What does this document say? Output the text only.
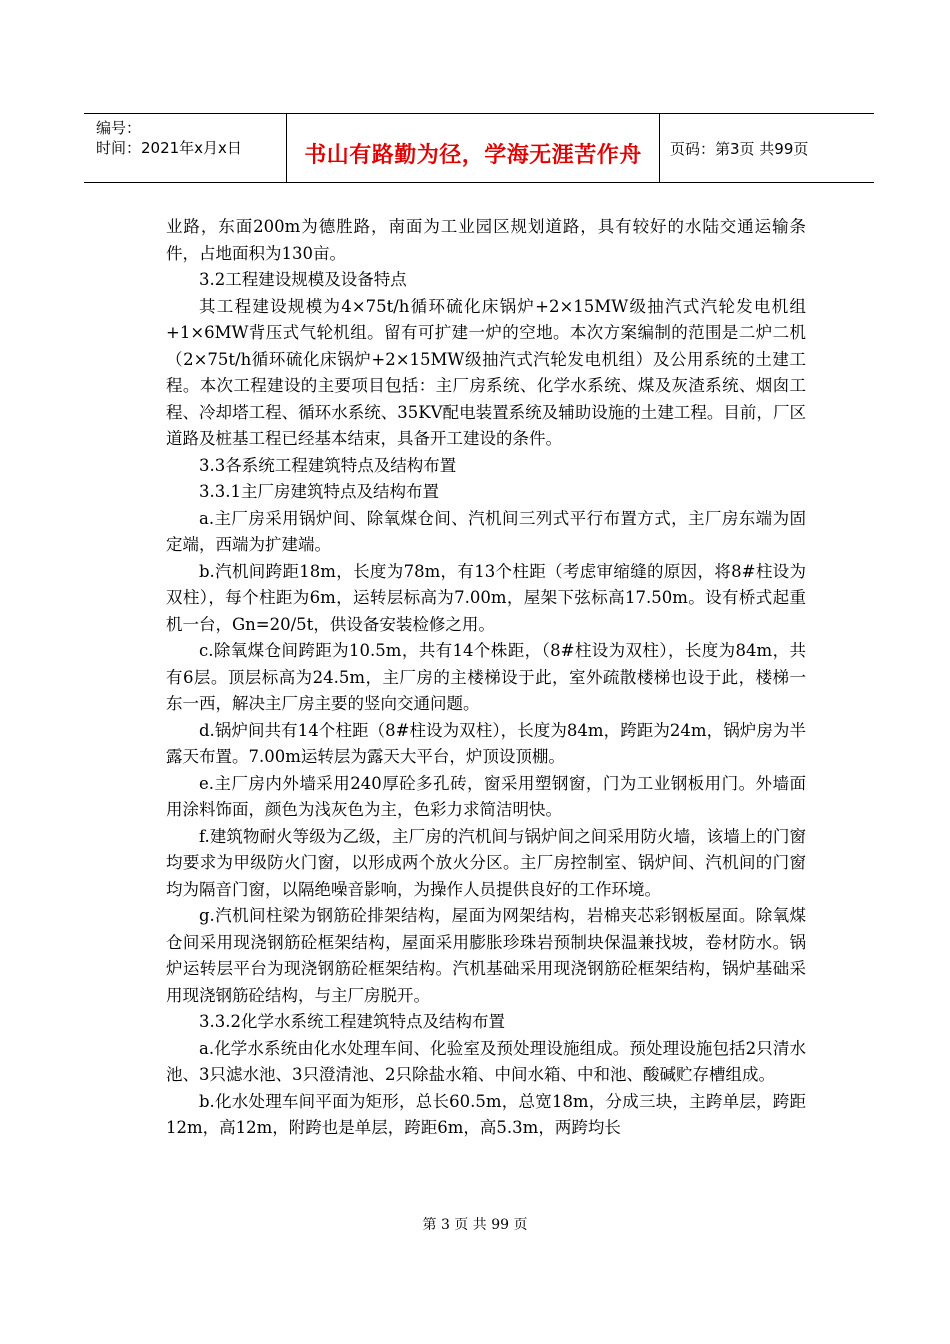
编号：
时间：2021年x月x日	书山有路勤为径，学海无涯苦作舟	页码：第3页 共99页

业路，东面200m为德胜路，南面为工业园区规划道路，具有较好的水陆交通运输条件，占地面积为130亩。

3.2工程建设规模及设备特点

其工程建设规模为4×75t/h循环硫化床锅炉+2×15MW级抽汽式汽轮发电机组+1×6MW背压式气轮机组。留有可扩建一炉的空地。本次方案编制的范围是二炉二机（2×75t/h循环硫化床锅炉+2×15MW级抽汽式汽轮发电机组）及公用系统的土建工程。本次工程建设的主要项目包括：主厂房系统、化学水系统、煤及灰渣系统、烟囱工程、冷却塔工程、循环水系统、35KV配电装置系统及辅助设施的土建工程。目前，厂区道路及桩基工程已经基本结束，具备开工建设的条件。

3.3各系统工程建筑特点及结构布置

3.3.1主厂房建筑特点及结构布置

a.主厂房采用锅炉间、除氧煤仓间、汽机间三列式平行布置方式，主厂房东端为固定端，西端为扩建端。

b.汽机间跨距18m，长度为78m，有13个柱距（考虑审缩缝的原因，将8#柱设为双柱），每个柱距为6m，运转层标高为7.00m，屋架下弦标高17.50m。设有桥式起重机一台，Gn=20/5t，供设备安装检修之用。

c.除氧煤仓间跨距为10.5m，共有14个株距，（8#柱设为双柱），长度为84m，共有6层。顶层标高为24.5m，主厂房的主楼梯设于此，室外疏散楼梯也设于此，楼梯一东一西，解决主厂房主要的竖向交通问题。

d.锅炉间共有14个柱距（8#柱设为双柱），长度为84m，跨距为24m，锅炉房为半露天布置。7.00m运转层为露天大平台，炉顶设顶棚。

e.主厂房内外墙采用240厚砼多孔砖，窗采用塑钢窗，门为工业钢板用门。外墙面用涂料饰面，颜色为浅灰色为主，色彩力求简洁明快。

f.建筑物耐火等级为乙级，主厂房的汽机间与锅炉间之间采用防火墙，该墙上的门窗均要求为甲级防火门窗，以形成两个放火分区。主厂房控制室、锅炉间、汽机间的门窗均为隔音门窗，以隔绝噪音影响，为操作人员提供良好的工作环境。

g.汽机间柱梁为钢筋砼排架结构，屋面为网架结构，岩棉夹芯彩钢板屋面。除氧煤仓间采用现浇钢筋砼框架结构，屋面采用膨胀珍珠岩预制块保温兼找坡，卷材防水。锅炉运转层平台为现浇钢筋砼框架结构。汽机基础采用现浇钢筋砼框架结构，锅炉基础采用现浇钢筋砼结构，与主厂房脱开。

3.3.2化学水系统工程建筑特点及结构布置

a.化学水系统由化水处理车间、化验室及预处理设施组成。预处理设施包括2只清水池、3只滤水池、3只澄清池、2只除盐水箱、中间水箱、中和池、酸碱贮存槽组成。

b.化水处理车间平面为矩形，总长60.5m，总宽18m，分成三块，主跨单层，跨距12m，高12m，附跨也是单层，跨距6m，高5.3m，两跨均长

第 3 页 共 99 页
